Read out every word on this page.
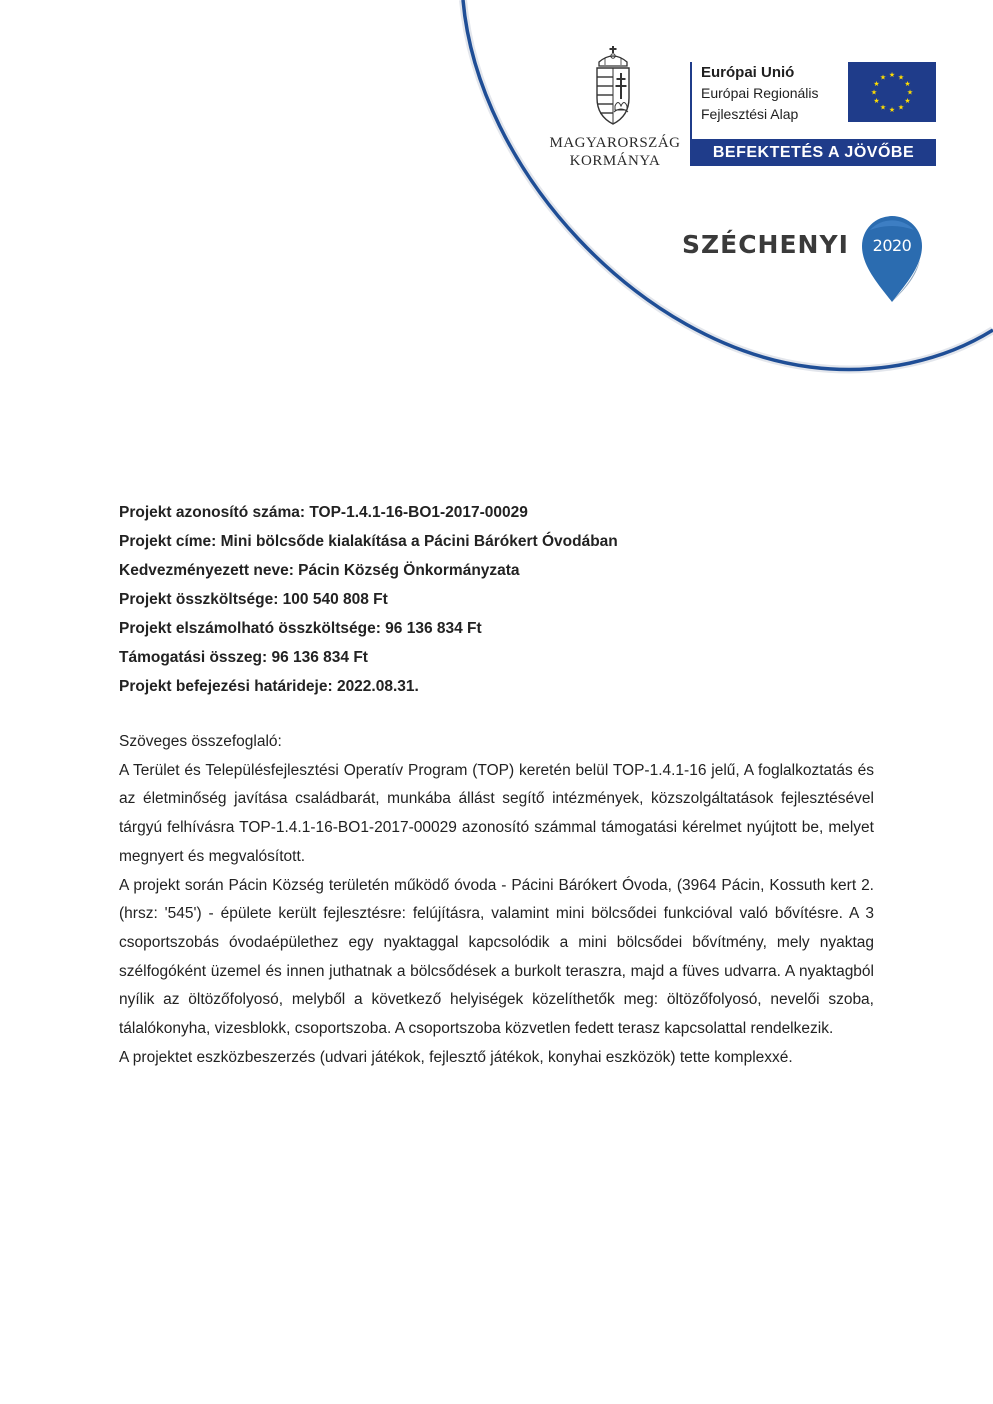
★ ★
★
★
★
★
★
★
★
★
★
★
MAGYARORSZÁG
KORMÁNYA
Európai Unió
Európai Regionális
Fejlesztési Alap
BEFEKTETÉS A JÖVŐBE
SZÉCHENYI	2020
Projekt azonosító száma: TOP-1.4.1-16-BO1-2017-00029
Projekt címe: Mini bölcsőde kialakítása a Pácini Bárókert Óvodában
Kedvezményezett neve: Pácin Község Önkormányzata
Projekt összköltsége: 100 540 808 Ft
Projekt elszámolható összköltsége: 96 136 834 Ft
Támogatási összeg: 96 136 834 Ft
Projekt befejezési határideje: 2022.08.31.

Szöveges összefoglaló:

A Terület és Településfejlesztési Operatív Program (TOP) keretén belül TOP-1.4.1-16 jelű, A foglalkoztatás és az életminőség javítása családbarát, munkába állást segítő intézmények, közszolgáltatások fejlesztésével tárgyú felhívásra TOP-1.4.1-16-BO1-2017-00029 azonosító számmal támogatási kérelmet nyújtott be, melyet megnyert és megvalósított.

A projekt során Pácin Község területén működő óvoda - Pácini Bárókert Óvoda, (3964 Pácin, Kossuth kert 2. (hrsz: '545') - épülete került fejlesztésre: felújításra, valamint mini bölcsődei funkcióval való bővítésre. A 3 csoportszobás óvodaépülethez egy nyaktaggal kapcsolódik a mini bölcsődei bővítmény, mely nyaktag szélfogóként üzemel és innen juthatnak a bölcsődések a burkolt teraszra, majd a füves udvarra. A nyaktagból nyílik az öltözőfolyosó, melyből a következő helyiségek közelíthetők meg: öltözőfolyosó, nevelői szoba, tálalókonyha, vizesblokk, csoportszoba. A csoportszoba közvetlen fedett terasz kapcsolattal rendelkezik.

A projektet eszközbeszerzés (udvari játékok, fejlesztő játékok, konyhai eszközök) tette komplexxé.
